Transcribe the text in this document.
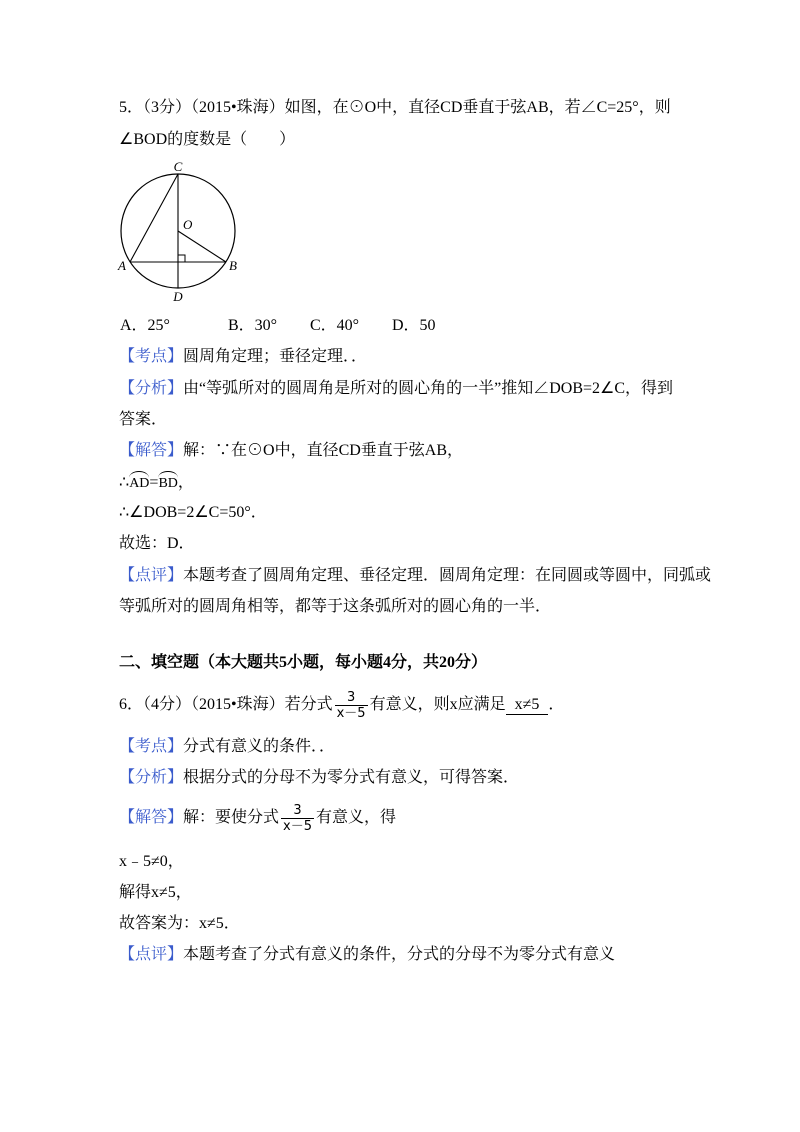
5．（3分）（2015•珠海）如图，在⊙O中，直径CD垂直于弦AB，若∠C=25°，则
∠BOD的度数是（　　）
C
O
A	B
D
A．25°	B．30° C．40° D．50
【考点】圆周角定理；垂径定理．．
【分析】由“等弧所对的圆周角是所对的圆心角的一半”推知∠DOB=2∠C，得到
答案．
【解答】解：∵在⊙O中，直径CD垂直于弦AB，
∴AD=BD，
∴∠DOB=2∠C=50°．
故选：D．
【点评】本题考查了圆周角定理、垂径定理．圆周角定理：在同圆或等圆中，同弧或
等弧所对的圆周角相等，都等于这条弧所对的圆心角的一半．
二、填空题（本大题共5小题，每小题4分，共20分）
6．（4分）（2015•珠海）若分式 $\frac{3}{x-5}$ 有意义，则x应满足 x≠5 ．
【考点】分式有意义的条件．．
【分析】根据分式的分母不为零分式有意义，可得答案．
【解答】 解：要使分式 $\frac{3}{x-5}$ 有意义，得
x﹣5≠0，
解得x≠5，
故答案为：x≠5．
【点评】本题考查了分式有意义的条件，分式的分母不为零分式有意义
